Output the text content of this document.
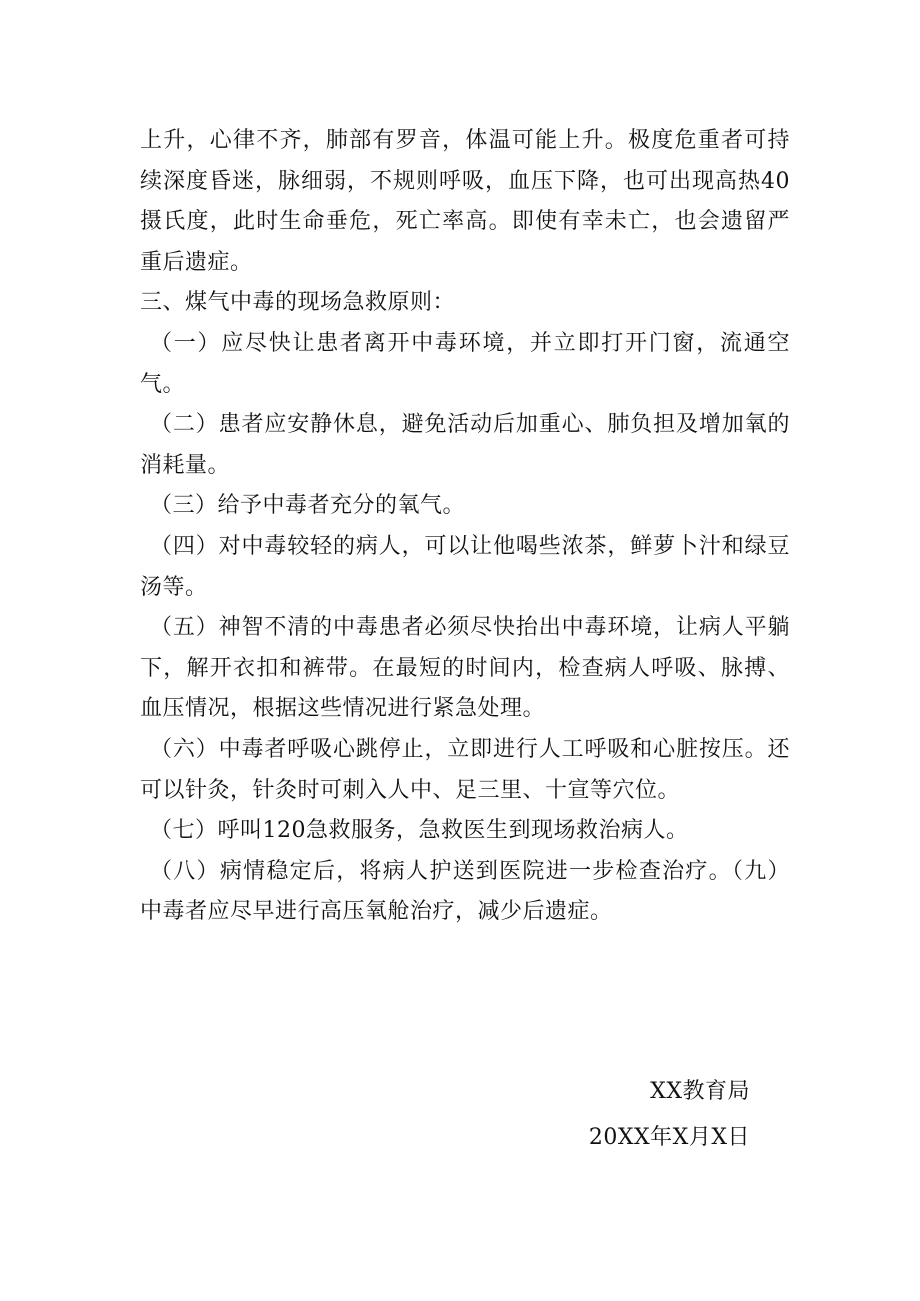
上升，心律不齐，肺部有罗音，体温可能上升。极度危重者可持续深度昏迷，脉细弱，不规则呼吸，血压下降，也可出现高热40摄氏度，此时生命垂危，死亡率高。即使有幸未亡，也会遗留严重后遗症。

三、煤气中毒的现场急救原则：

（一）应尽快让患者离开中毒环境，并立即打开门窗，流通空气。

（二）患者应安静休息，避免活动后加重心、肺负担及增加氧的消耗量。

（三）给予中毒者充分的氧气。

（四）对中毒较轻的病人，可以让他喝些浓茶，鲜萝卜汁和绿豆汤等。

（五）神智不清的中毒患者必须尽快抬出中毒环境，让病人平躺下，解开衣扣和裤带。在最短的时间内，检查病人呼吸、脉搏、血压情况，根据这些情况进行紧急处理。

（六）中毒者呼吸心跳停止，立即进行人工呼吸和心脏按压。还可以针灸，针灸时可刺入人中、足三里、十宣等穴位。

（七）呼叫120急救服务，急救医生到现场救治病人。

（八）病情稳定后，将病人护送到医院进一步检查治疗。（九）中毒者应尽早进行高压氧舱治疗，减少后遗症。

XX教育局
20XX年X月X日
